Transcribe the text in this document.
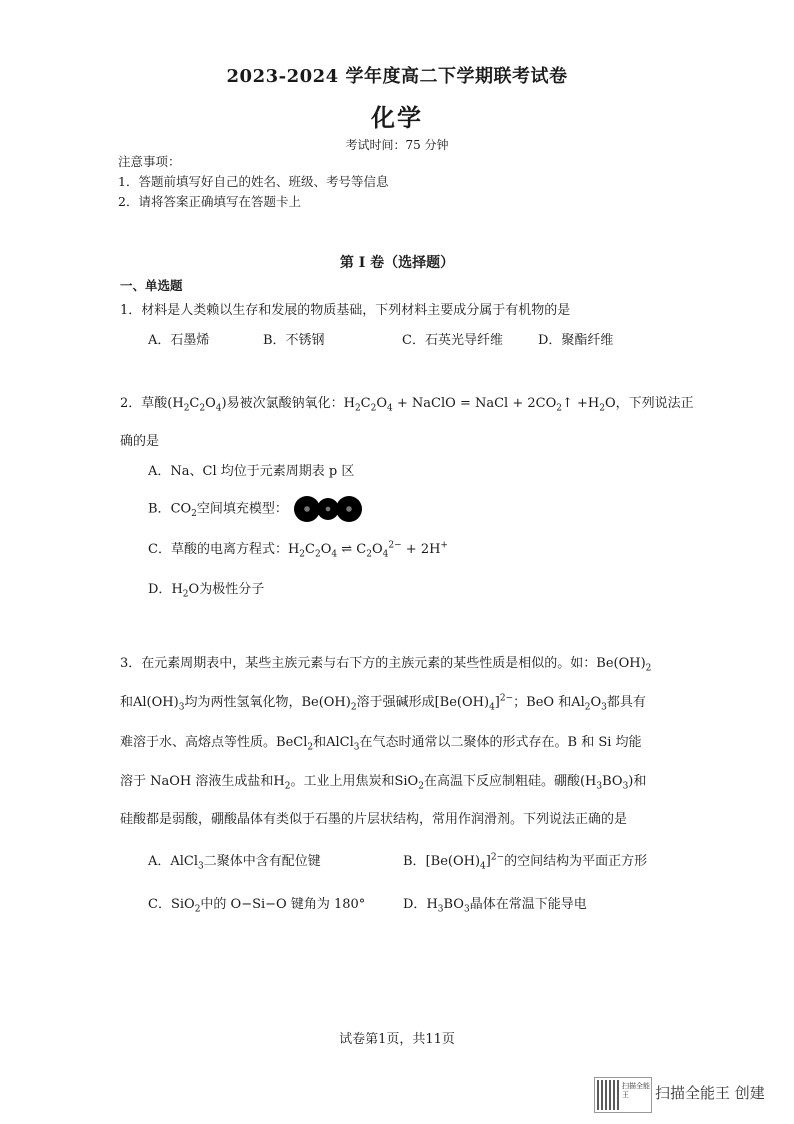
2023-2024 学年度高二下学期联考试卷
化学
考试时间：75 分钟
注意事项：
1．答题前填写好自己的姓名、班级、考号等信息
2．请将答案正确填写在答题卡上
第 I 卷（选择题）
一、单选题
1．材料是人类赖以生存和发展的物质基础，下列材料主要成分属于有机物的是
A．石墨烯	B．不锈钢	C．石英光导纤维	D．聚酯纤维
2．草酸$(H_2C_2O_4)$易被次氯酸钠氧化：$H_2C_2O_4$ + NaClO = NaCl + $2CO_2↑ +H_2O$，下列说法正
确的是
A．Na、Cl 均位于元素周期表 p 区
B．$CO_2$空间填充模型：
C．草酸的电离方程式：$H_2C_2O_4$ ⇌ $C_2O_4^{2-} + 2H^+$
D．$H_2O$为极性分子
3．在元素周期表中，某些主族元素与右下方的主族元素的某些性质是相似的。如：$Be(OH)_2$
和$Al(OH)_3$均为两性氢氧化物，$Be(OH)_2$溶于强碱形成$[Be(OH)_4]^{2-}$；BeO 和$Al_2O_3$都具有
难溶于水、高熔点等性质。BeCl$_2$和AlCl$_3$在气态时通常以二聚体的形式存在。B 和 Si 均能
溶于 NaOH 溶液生成盐和$H_2$。工业上用焦炭和SiO$_2$在高温下反应制粗硅。硼酸$(H_3BO_3)$和
硅酸都是弱酸，硼酸晶体有类似于石墨的片层状结构，常用作润滑剂。下列说法正确的是
A．AlCl$_3$二聚体中含有配位键	B．$[Be(OH)_4]^{2-}$的空间结构为平面正方形
C．SiO$_2$中的 O−Si−O 键角为 180°	D．$H_3BO_3$晶体在常温下能导电
试卷第1页，共11页
扫描全能王	扫描全能王 创建
